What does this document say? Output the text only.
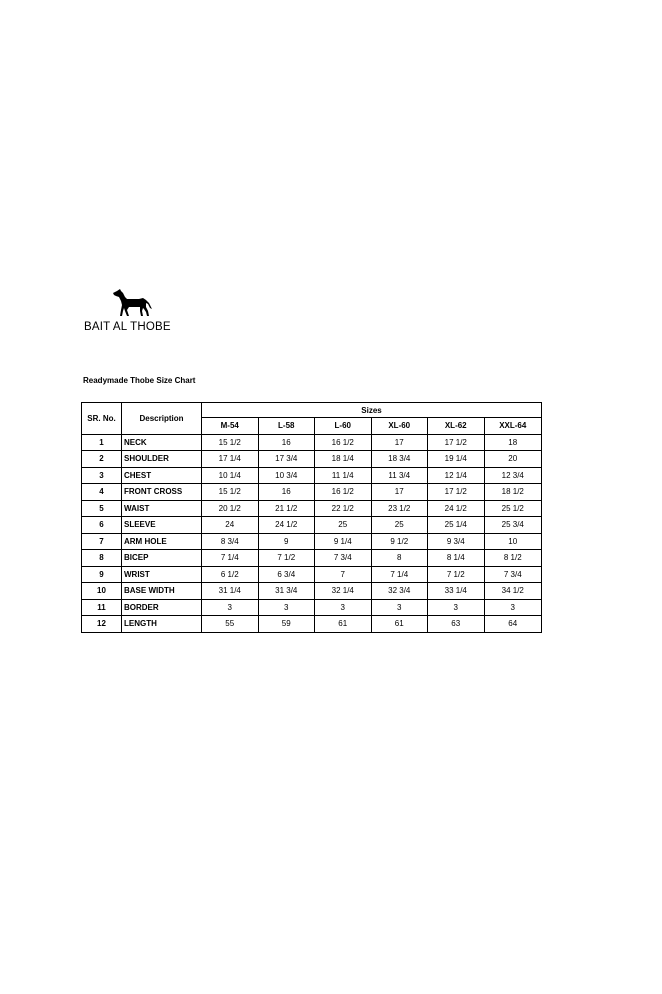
BAIT AL THOBE
Readymade Thobe Size Chart
SR. No.	Description	Sizes					
		M-54	L-58	L-60	XL-60	XL-62	XXL-64
1	NECK	15 1/2	16	16 1/2	17	17 1/2	18
2	SHOULDER	17 1/4	17 3/4	18 1/4	18 3/4	19 1/4	20
3	CHEST	10 1/4	10 3/4	11 1/4	11 3/4	12 1/4	12 3/4
4	FRONT CROSS	15 1/2	16	16 1/2	17	17 1/2	18 1/2
5	WAIST	20 1/2	21 1/2	22 1/2	23 1/2	24 1/2	25 1/2
6	SLEEVE	24	24 1/2	25	25	25 1/4	25 3/4
7	ARM HOLE	8 3/4	9	9 1/4	9 1/2	9 3/4	10
8	BICEP	7 1/4	7 1/2	7 3/4	8	8 1/4	8 1/2
9	WRIST	6 1/2	6 3/4	7	7 1/4	7 1/2	7 3/4
10	BASE WIDTH	31 1/4	31 3/4	32 1/4	32 3/4	33 1/4	34 1/2
11	BORDER	3	3	3	3	3	3
12	LENGTH	55	59	61	61	63	64
